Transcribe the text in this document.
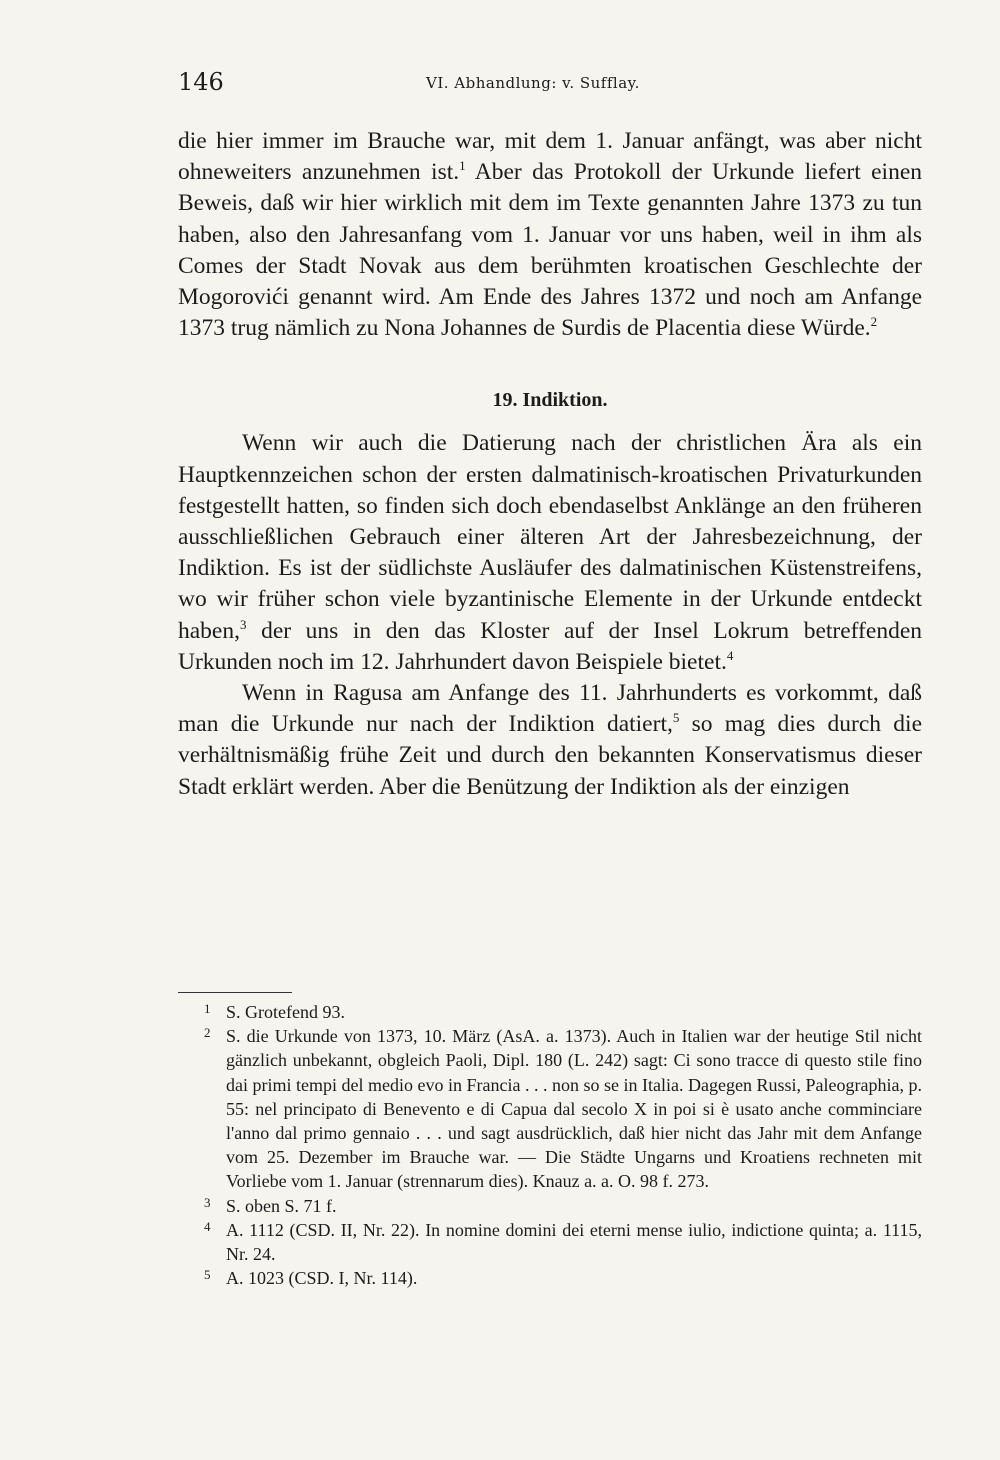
146	VI. Abhandlung: v. Sufflay.

die hier immer im Brauche war, mit dem 1. Januar anfängt, was aber nicht ohneweiters anzunehmen ist.$^1$ Aber das Protokoll der Urkunde liefert einen Beweis, daß wir hier wirklich mit dem im Texte genannten Jahre 1373 zu tun haben, also den Jahresanfang vom 1. Januar vor uns haben, weil in ihm als Comes der Stadt Novak aus dem berühmten kroatischen Geschlechte der Mogorovići genannt wird. Am Ende des Jahres 1372 und noch am Anfange 1373 trug nämlich zu Nona Johannes de Surdis de Placentia diese Würde.$^2$

19. Indiktion.

Wenn wir auch die Datierung nach der christlichen Ära als ein Hauptkennzeichen schon der ersten dalmatinisch-kroatischen Privaturkunden festgestellt hatten, so finden sich doch ebendaselbst Anklänge an den früheren ausschließlichen Gebrauch einer älteren Art der Jahresbezeichnung, der Indiktion. Es ist der südlichste Ausläufer des dalmatinischen Küstenstreifens, wo wir früher schon viele byzantinische Elemente in der Urkunde entdeckt haben,$^3$ der uns in den das Kloster auf der Insel Lokrum betreffenden Urkunden noch im 12. Jahrhundert davon Beispiele bietet.$^4$

Wenn in Ragusa am Anfange des 11. Jahrhunderts es vorkommt, daß man die Urkunde nur nach der Indiktion datiert,$^5$ so mag dies durch die verhältnismäßig frühe Zeit und durch den bekannten Konservatismus dieser Stadt erklärt werden. Aber die Benützung der Indiktion als der einzigen

1 S. Grotefend 93.
2 S. die Urkunde von 1373, 10. März (AsA. a. 1373). Auch in Italien war der heutige Stil nicht gänzlich unbekannt, obgleich Paoli, Dipl. 180 (L. 242) sagt: Ci sono tracce di questo stile fino dai primi tempi del medio evo in Francia . . . non so se in Italia. Dagegen Russi, Paleographia, p. 55: nel principato di Benevento e di Capua dal secolo X in poi si è usato anche comminciare l'anno dal primo gennaio . . . und sagt ausdrücklich, daß hier nicht das Jahr mit dem Anfange vom 25. Dezember im Brauche war. — Die Städte Ungarns und Kroatiens rechneten mit Vorliebe vom 1. Januar (strennarum dies). Knauz a. a. O. 98 f. 273.
3 S. oben S. 71 f.
4 A. 1112 (CSD. II, Nr. 22). In nomine domini dei eterni mense iulio, indictione quinta; a. 1115, Nr. 24.
5 A. 1023 (CSD. I, Nr. 114).
